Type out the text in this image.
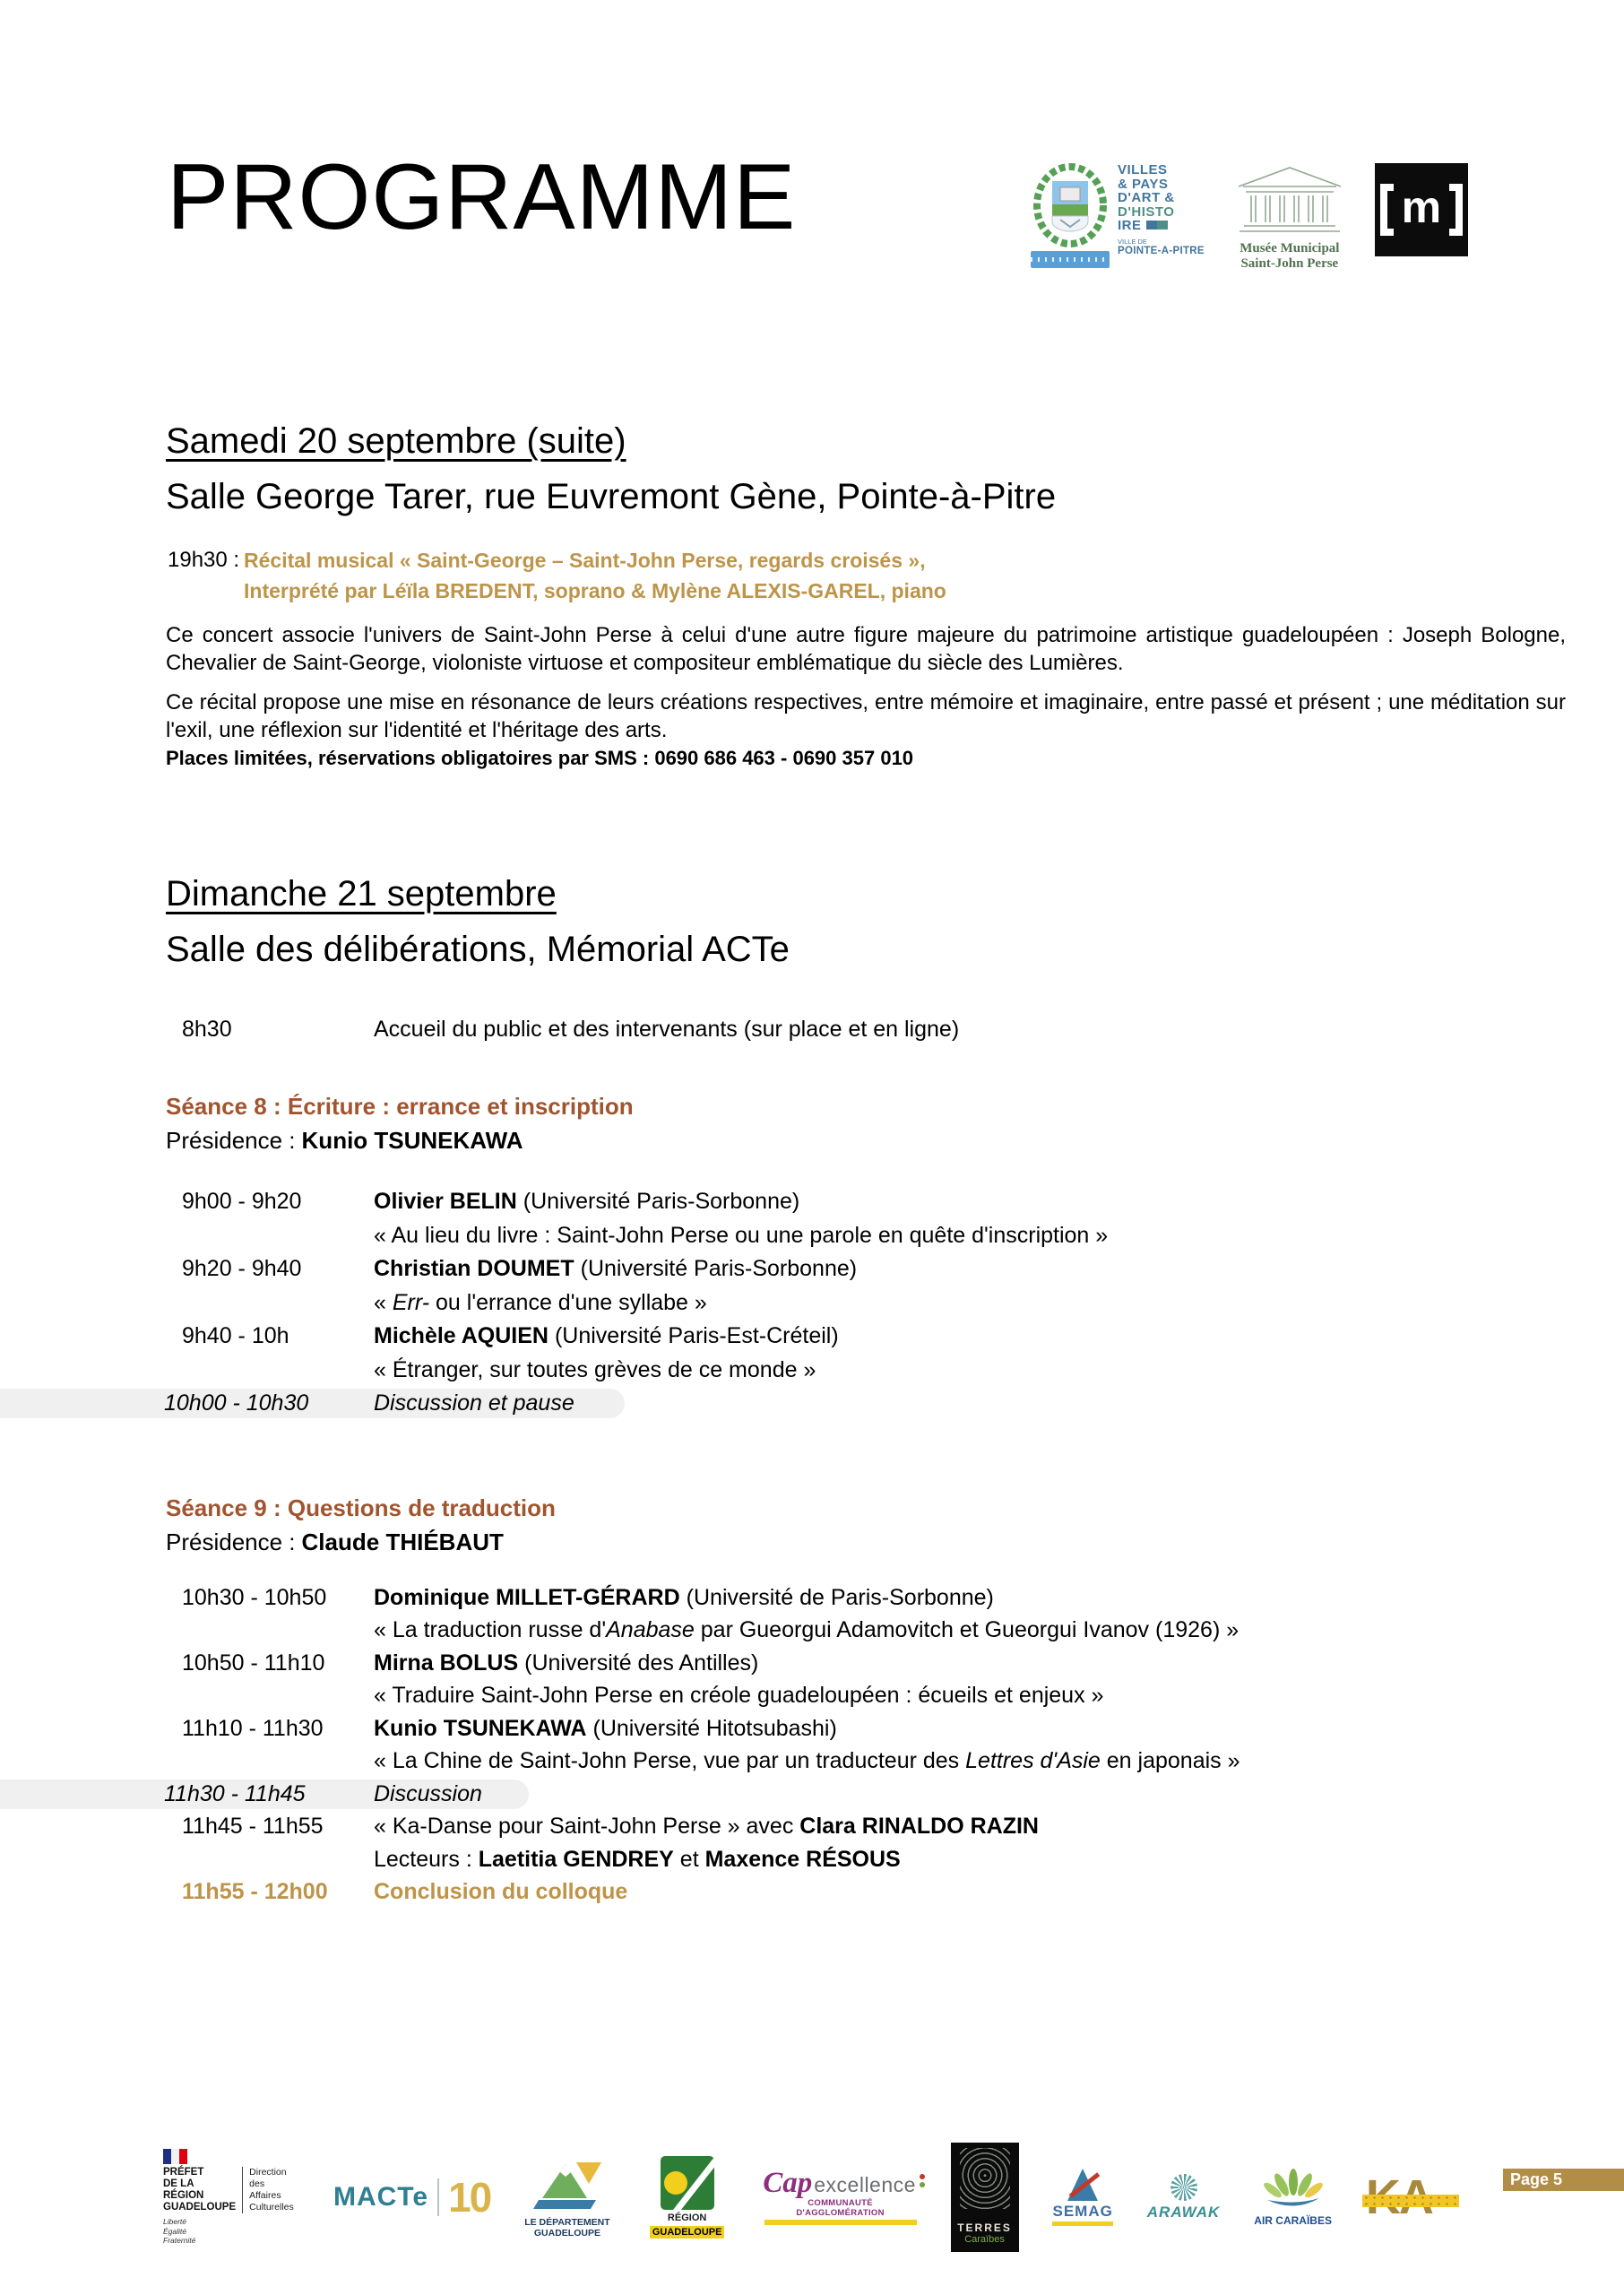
PROGRAMME	VILLES
& PAYS
D'ART &
D'HISTO
IRE
VILLE DE
POINTE-A-PITRE	Musée Municipal
Saint-John Perse
m
Samedi 20 septembre (suite)
Salle George Tarer, rue Euvremont Gène, Pointe-à-Pitre
19h30 : Récital musical « Saint-George – Saint-John Perse, regards croisés »,
Interprété par Léïla BREDENT, soprano & Mylène ALEXIS-GAREL, piano

Ce concert associe l'univers de Saint-John Perse à celui d'une autre figure majeure du patrimoine artistique guadeloupéen : Joseph Bologne, Chevalier de Saint-George, violoniste virtuose et compositeur emblématique du siècle des Lumières.

Ce récital propose une mise en résonance de leurs créations respectives, entre mémoire et imaginaire, entre passé et présent ; une méditation sur l'exil, une réflexion sur l'identité et l'héritage des arts.

Places limitées, réservations obligatoires par SMS : 0690 686 463 - 0690 357 010
Dimanche 21 septembre
Salle des délibérations, Mémorial ACTe
8h30	Accueil du public et des intervenants (sur place et en ligne)
Séance 8 : Écriture : errance et inscription
Présidence : Kunio TSUNEKAWA
9h00 - 9h20	Olivier BELIN (Université Paris-Sorbonne)
« Au lieu du livre : Saint-John Perse ou une parole en quête d'inscription »
9h20 - 9h40	Christian DOUMET (Université Paris-Sorbonne)
« Err- ou l'errance d'une syllabe »
9h40 - 10h	Michèle AQUIEN (Université Paris-Est-Créteil)
« Étranger, sur toutes grèves de ce monde »
10h00 - 10h30	Discussion et pause
Séance 9 : Questions de traduction
Présidence : Claude THIÉBAUT
10h30 - 10h50	Dominique MILLET-GÉRARD (Université de Paris-Sorbonne)
« La traduction russe d'Anabase par Gueorgui Adamovitch et Gueorgui Ivanov (1926) »
10h50 - 11h10	Mirna BOLUS (Université des Antilles)
« Traduire Saint-John Perse en créole guadeloupéen : écueils et enjeux »
11h10 - 11h30	Kunio TSUNEKAWA (Université Hitotsubashi)
« La Chine de Saint-John Perse, vue par un traducteur des Lettres d'Asie en japonais »
11h30 - 11h45	Discussion
11h45 - 11h55	« Ka-Danse pour Saint-John Perse » avec Clara RINALDO RAZIN
Lecteurs : Laetitia GENDREY et Maxence RÉSOUS
11h55 - 12h00	Conclusion du colloque
PRÉFET
DE LA RÉGION
GUADELOUPE
Direction des
Affaires
Culturelles
Liberté
Égalité
Fraternité
MACTe 10
LE DÉPARTEMENT
GUADELOUPE
RÉGION
GUADELOUPE
Cap excellence
COMMUNAUTÉ D'AGGLOMÉRATION
TERRES
Caraïbes
SEMAG ARAWAK
AIR CARAÏBES
Page 5
